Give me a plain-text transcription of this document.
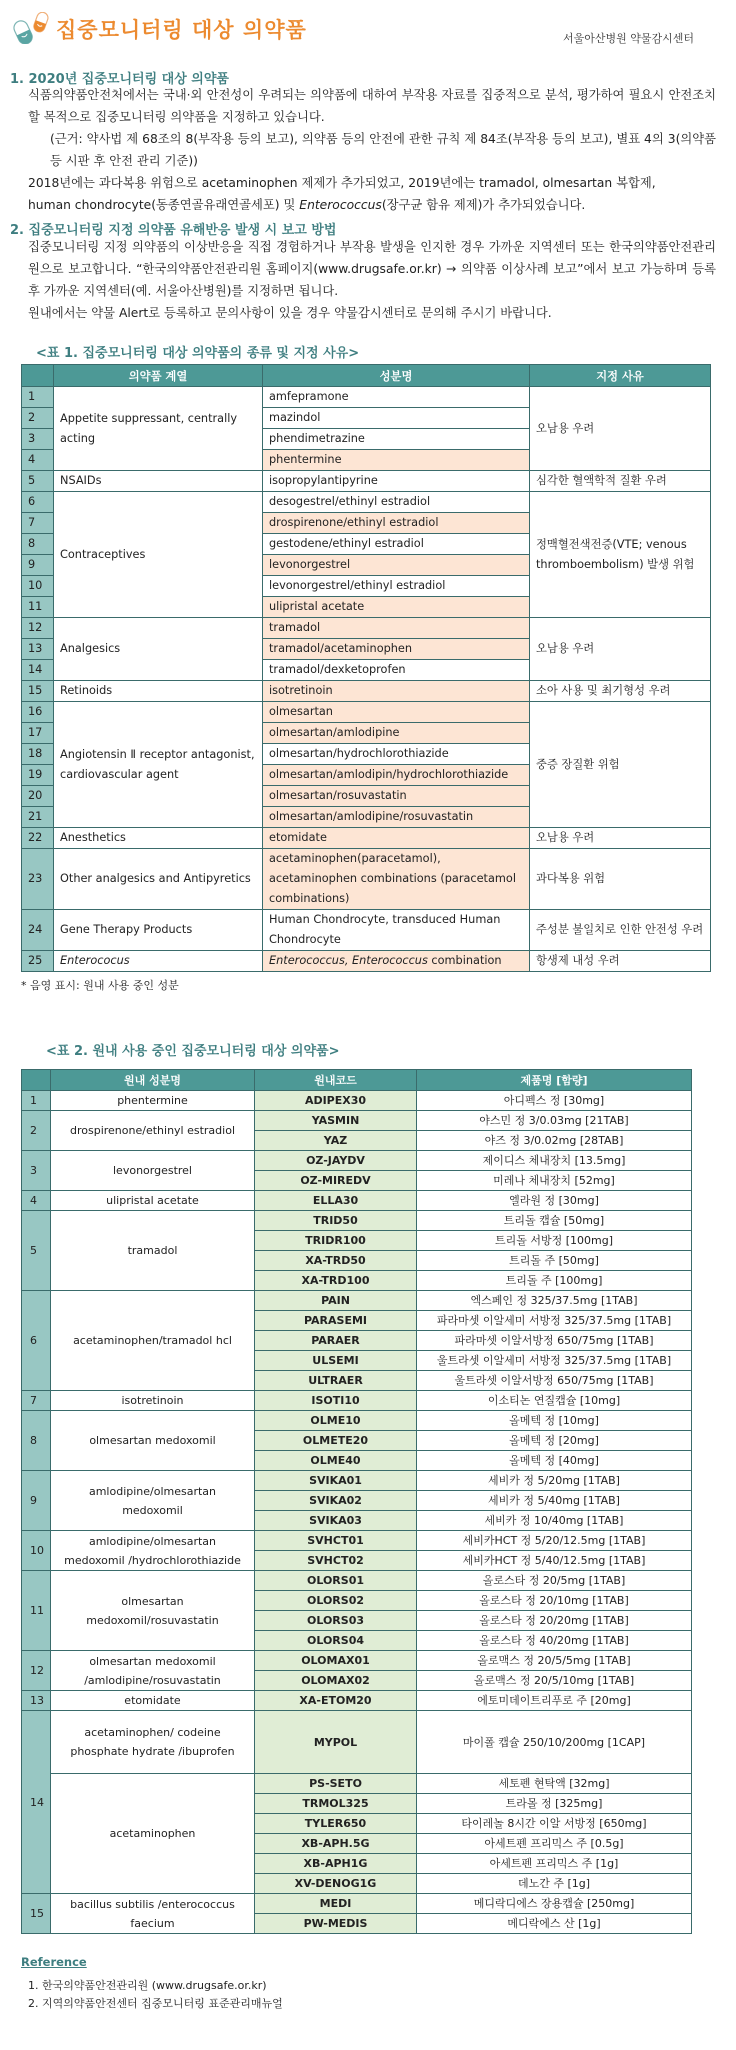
집중모니터링 대상 의약품	서울아산병원 약물감시센터
1. 2020년 집중모니터링 대상 의약품
식품의약품안전처에서는 국내·외 안전성이 우려되는 의약품에 대하여 부작용 자료를 집중적으로 분석, 평가하여 필요시 안전조치 할 목적으로 집중모니터링 의약품을 지정하고 있습니다.
(근거: 약사법 제 68조의 8(부작용 등의 보고), 의약품 등의 안전에 관한 규칙 제 84조(부작용 등의 보고), 별표 4의 3(의약품 등 시판 후 안전 관리 기준))
2018년에는 과다복용 위험으로 acetaminophen 제제가 추가되었고, 2019년에는 tramadol, olmesartan 복합제,
human chondrocyte(동종연골유래연골세포) 및 Enterococcus(장구균 함유 제제)가 추가되었습니다.
2. 집중모니터링 지정 의약품 유해반응 발생 시 보고 방법
집중모니터링 지정 의약품의 이상반응을 직접 경험하거나 부작용 발생을 인지한 경우 가까운 지역센터 또는 한국의약품안전관리원으로 보고합니다. “한국의약품안전관리원 홈페이지(www.drugsafe.or.kr) → 의약품 이상사례 보고”에서 보고 가능하며 등록 후 가까운 지역센터(예. 서울아산병원)를 지정하면 됩니다.
원내에서는 약물 Alert로 등록하고 문의사항이 있을 경우 약물감시센터로 문의해 주시기 바랍니다.
<표 1. 집중모니터링 대상 의약품의 종류 및 지정 사유>
	의약품 계열	성분명	지정 사유
1	Appetite suppressant, centrally acting	amfepramone	오남용 우려
2		mazindol	
3		phendimetrazine	
4		phentermine	
5	NSAIDs	isopropylantipyrine	심각한 혈액학적 질환 우려
6	Contraceptives	desogestrel/ethinyl estradiol	정맥혈전색전증(VTE; venous thromboembolism) 발생 위험
7		drospirenone/ethinyl estradiol	
8		gestodene/ethinyl estradiol	
9		levonorgestrel	
10		levonorgestrel/ethinyl estradiol	
11		ulipristal acetate	
12	Analgesics	tramadol	오남용 우려
13		tramadol/acetaminophen	
14		tramadol/dexketoprofen	
15	Retinoids	isotretinoin	소아 사용 및 최기형성 우려
16	Angiotensin Ⅱ receptor antagonist, cardiovascular agent	olmesartan	중증 장질환 위험
17		olmesartan/amlodipine	
18		olmesartan/hydrochlorothiazide	
19		olmesartan/amlodipin/hydrochlorothiazide	
20		olmesartan/rosuvastatin	
21		olmesartan/amlodipine/rosuvastatin	
22	Anesthetics	etomidate	오남용 우려
23	Other analgesics and Antipyretics	acetaminophen(paracetamol), acetaminophen combinations (paracetamol combinations)	과다복용 위험
24	Gene Therapy Products	Human Chondrocyte, transduced Human Chondrocyte	주성분 불일치로 인한 안전성 우려
25	Enterococus	Enterococcus, Enterococcus combination	항생제 내성 우려
* 음영 표시: 원내 사용 중인 성분
<표 2. 원내 사용 중인 집중모니터링 대상 의약품>
	원내 성분명	원내코드	제품명 [함량]
1	phentermine	ADIPEX30	아디펙스 정 [30mg]
2	drospirenone/ethinyl estradiol	YASMIN	야스민 정 3/0.03mg [21TAB]
		YAZ	야즈 정 3/0.02mg [28TAB]
3	levonorgestrel	OZ-JAYDV	제이디스 체내장치 [13.5mg]
		OZ-MIREDV	미레나 체내장치 [52mg]
4	ulipristal acetate	ELLA30	엘라원 정 [30mg]
5	tramadol	TRID50	트리돌 캡슐 [50mg]
		TRIDR100	트리돌 서방정 [100mg]
		XA-TRD50	트리돌 주 [50mg]
		XA-TRD100	트리돌 주 [100mg]
6	acetaminophen/tramadol hcl	PAIN	엑스페인 정 325/37.5mg [1TAB]
		PARASEMI	파라마셋 이알세미 서방정 325/37.5mg [1TAB]
		PARAER	파라마셋 이알서방정 650/75mg [1TAB]
		ULSEMI	울트라셋 이알세미 서방정 325/37.5mg [1TAB]
		ULTRAER	울트라셋 이알서방정 650/75mg [1TAB]
7	isotretinoin	ISOTI10	이소티논 연질캡슐 [10mg]
8	olmesartan medoxomil	OLME10	올메텍 정 [10mg]
		OLMETE20	올메텍 정 [20mg]
		OLME40	올메텍 정 [40mg]
9	amlodipine/olmesartan medoxomil	SVIKA01	세비카 정 5/20mg [1TAB]
		SVIKA02	세비카 정 5/40mg [1TAB]
		SVIKA03	세비카 정 10/40mg [1TAB]
10	amlodipine/olmesartan medoxomil /hydrochlorothiazide	SVHCT01	세비카HCT 정 5/20/12.5mg [1TAB]
		SVHCT02	세비카HCT 정 5/40/12.5mg [1TAB]
11	olmesartan medoxomil/rosuvastatin	OLORS01	올로스타 정 20/5mg [1TAB]
		OLORS02	올로스타 정 20/10mg [1TAB]
		OLORS03	올로스타 정 20/20mg [1TAB]
		OLORS04	올로스타 정 40/20mg [1TAB]
12	olmesartan medoxomil /amlodipine/rosuvastatin	OLOMAX01	올로맥스 정 20/5/5mg [1TAB]
		OLOMAX02	올로맥스 정 20/5/10mg [1TAB]
13	etomidate	XA-ETOM20	에토미데이트리푸로 주 [20mg]
14	acetaminophen/ codeine phosphate hydrate /ibuprofen	MYPOL	마이폴 캡슐 250/10/200mg [1CAP]
	acetaminophen	PS-SETO	세토펜 현탁액 [32mg]
		TRMOL325	트라몰 정 [325mg]
		TYLER650	타이레놀 8시간 이알 서방정 [650mg]
		XB-APH.5G	아세트펜 프리믹스 주 [0.5g]
		XB-APH1G	아세트펜 프리믹스 주 [1g]
		XV-DENOG1G	데노간 주 [1g]
15	bacillus subtilis /enterococcus faecium	MEDI	메디락디에스 장용캡슐 [250mg]
		PW-MEDIS	메디락에스 산 [1g]
Reference
1. 한국의약품안전관리원 (www.drugsafe.or.kr)
2. 지역의약품안전센터 집중모니터링 표준관리매뉴얼
